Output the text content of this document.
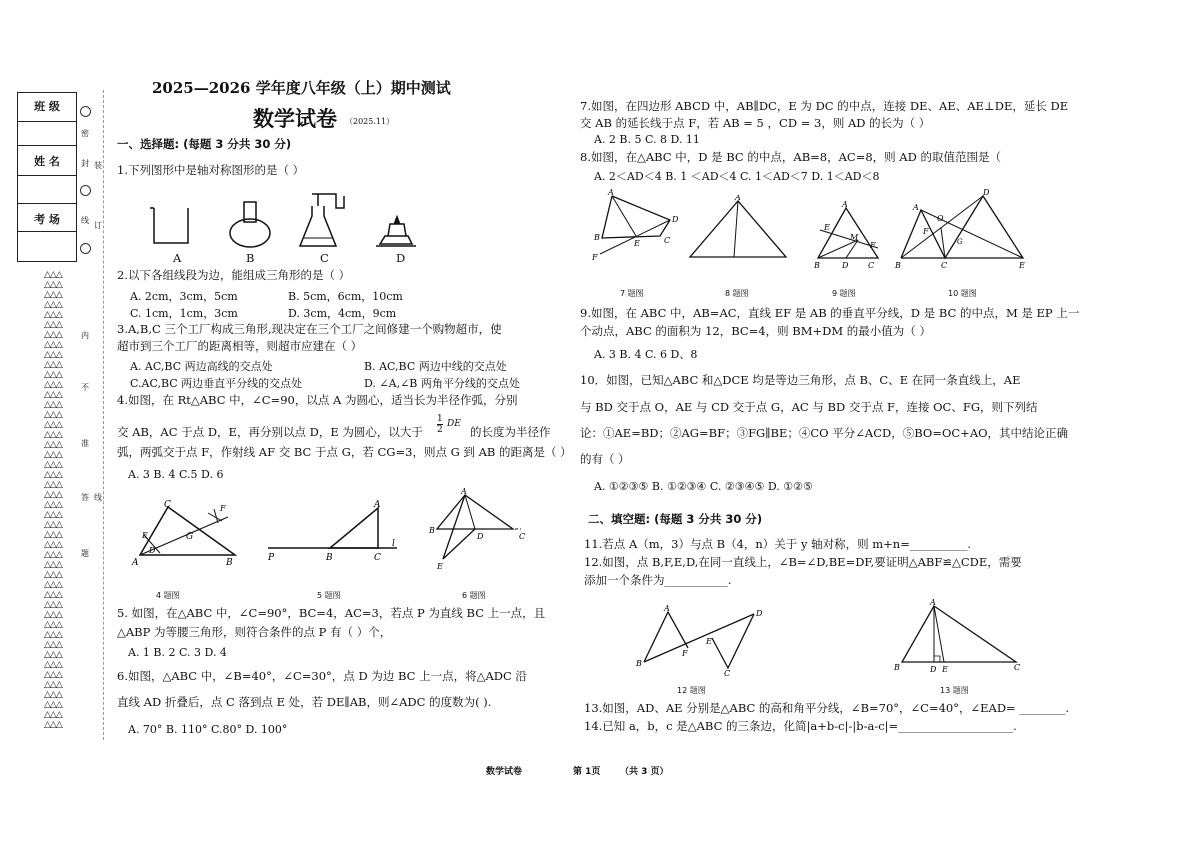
班 级
姓 名
考 场
密
封
线
内
不
准
答
题
装
订
线
△△△
△△△
△△△
△△△
△△△
△△△
△△△
△△△
△△△
△△△
△△△
△△△
△△△
△△△
△△△
△△△
△△△
△△△
△△△
△△△
△△△
△△△
△△△
△△△
△△△
△△△
△△△
△△△
△△△
△△△
△△△
△△△
△△△
△△△
△△△
△△△
△△△
△△△
△△△
△△△
△△△
△△△
△△△
△△△
△△△
△△△
2025—2026 学年度八年级（上）期中测试
数学试卷 （2025.11）
一、选择题: (每题 3 分共 30 分)
1.下列图形中是轴对称图形的是（ ）
A	B	C	D
2.以下各组线段为边，能组成三角形的是（ ）
A. 2cm，3cm，5cm	B. 5cm，6cm，10cm
C. 1cm，1cm，3cm	D. 3cm，4cm，9cm
3.A,B,C 三个工厂构成三角形,现决定在三个工厂之间修建一个购物超市，使
超市到三个工厂的距离相等，则超市应建在（ ）
A. AC,BC 两边高线的交点处	B. AC,BC 两边中线的交点处
C.AC,BC 两边垂直平分线的交点处	D. ∠A,∠B 两角平分线的交点处
4.如图，在 Rt△ABC 中，∠C=90，以点 A 为圆心，适当长为半径作弧，分别
交 AB，AC 于点 D，E，再分别以点 D，E 为圆心，以大于 $\frac{1}{2}$ DE
的长度为半径作
弧，两弧交于点 F，作射线 AF 交 BC 于点 G，若 CG=3，则点 G 到 AB 的距离是（ ）
A. 3 B. 4 C.5 D. 6
A	B
C
E
D
G
F
4 题图
P	B	C
A
l
5 题图
A
B
D	C
E
6 题图
5. 如图，在△ABC 中，∠C=90°，BC=4，AC=3，若点 P 为直线 BC 上一点，且
△ABP 为等腰三角形，则符合条件的点 P 有（ ）个，
A. 1 B. 2 C. 3 D. 4
6.如图，△ABC 中，∠B=40°，∠C=30°，点 D 为边 BC 上一点，将△ADC 沿
直线 AD 折叠后，点 C 落到点 E 处，若 DE∥AB，则∠ADC 的度数为( ).
A. 70° B. 110° C.80° D. 100°
7.如图，在四边形 ABCD 中，AB∥DC，E 为 DC 的中点，连接 DE、AE、AE⊥DE，延长 DE
交 AB 的延长线于点 F，若 AB = 5 ，CD = 3，则 AD 的长为（ ）
A. 2 B. 5 C. 8 D. 11
8.如图，在△ABC 中，D 是 BC 的中点，AB=8，AC=8，则 AD 的取值范围是（
A. 2＜AD＜4 B. 1 ＜AD＜4 C. 1＜AD＜7 D. 1＜AD＜8
A
D
C
B
E
F
7 题图
A
8 题图
A
E
M
F
B	D C
9 题图
A
O
F
G
D
B	C	E
10 题图
9.如图，在 ABC 中，AB=AC，直线 EF 是 AB 的垂直平分线，D 是 BC 的中点，M 是 EP 上一
个动点，ABC 的面积为 12，BC=4，则 BM+DM 的最小值为（ ）
A. 3 B. 4 C. 6 D、8
10．如图，已知△ABC 和△DCE 均是等边三角形，点 B、C、E 在同一条直线上，AE
与 BD 交于点 O，AE 与 CD 交于点 G，AC 与 BD 交于点 F，连接 OC、FG，则下列结
论：①AE=BD；②AG=BF；③FG∥BE；④CO 平分∠ACD，⑤BO=OC+AO，其中结论正确
的有（ ）
A. ①②③⑤ B. ①②③④ C. ②③④⑤ D. ①②⑤
二、填空题: (每题 3 分共 30 分)
11.若点 A（m，3）与点 B（4，n）关于 y 轴对称，则 m+n=__________.
12.如图，点 B,F,E,D,在同一直线上，∠B=∠D,BE=DF,要证明△ABF≌△CDE，需要
添加一个条件为___________.
A
B
F
E
D
C
12 题图
A
B	D E	C
13 题图
13.如图，AD、AE 分别是△ABC 的高和角平分线，∠B=70°，∠C=40°，∠EAD= ________.
14.已知 a，b，c 是△ABC 的三条边，化简|a+b-c|-|b-a-c|=____________________.
数学试卷	第 1页 （共 3 页）
